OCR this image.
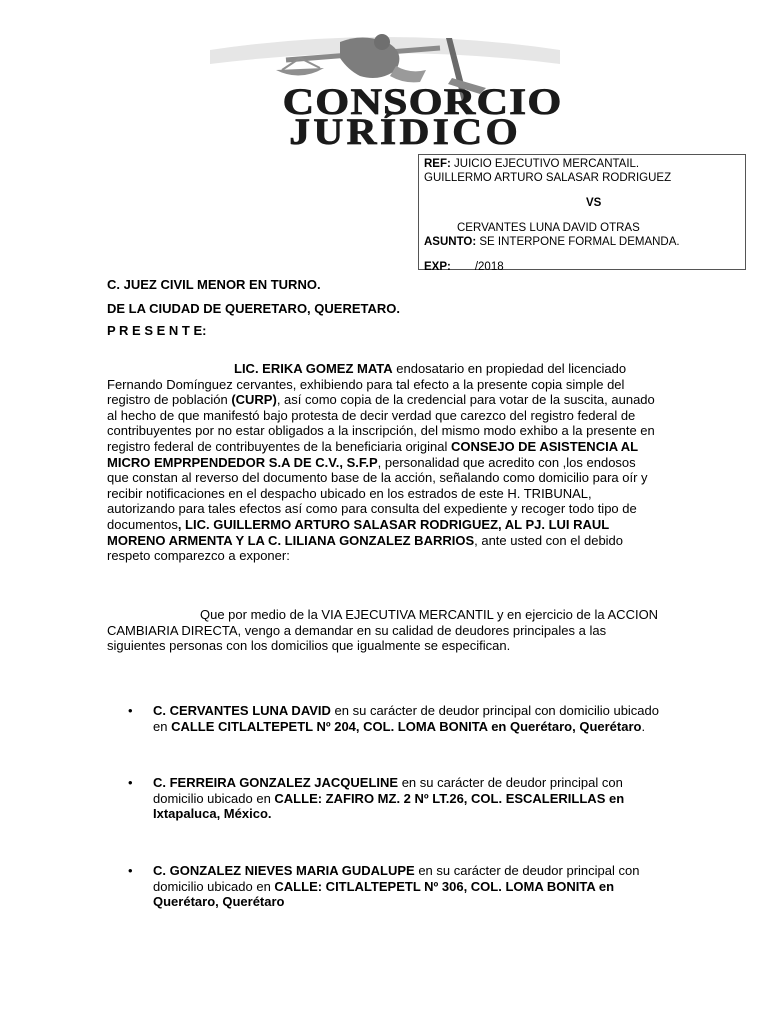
CONSORCIO
JURÍDICO
REF: JUICIO EJECUTIVO MERCANTAIL.
GUILLERMO ARTURO SALASAR RODRIGUEZ
VS
CERVANTES LUNA DAVID OTRAS
ASUNTO: SE INTERPONE FORMAL DEMANDA.
EXP: /2018
C. JUEZ CIVIL MENOR EN TURNO.
DE LA CIUDAD DE QUERETARO, QUERETARO.
P R E S E N T E:
LIC. ERIKA GOMEZ MATA endosatario en propiedad del licenciado Fernando Domínguez cervantes, exhibiendo para tal efecto a la presente copia simple del registro de población (CURP), así como copia de la credencial para votar de la suscita, aunado al hecho de que manifestó bajo protesta de decir verdad que carezco del registro federal de contribuyentes por no estar obligados a la inscripción, del mismo modo exhibo a la presente en registro federal de contribuyentes de la beneficiaria original CONSEJO DE ASISTENCIA AL MICRO EMPRPENDEDOR S.A DE C.V., S.F.P, personalidad que acredito con ,los endosos que constan al reverso del documento base de la acción, señalando como domicilio para oír y recibir notificaciones en el despacho ubicado en los estrados de este H. TRIBUNAL, autorizando para tales efectos así como para consulta del expediente y recoger todo tipo de documentos, LIC. GUILLERMO ARTURO SALASAR RODRIGUEZ, AL PJ. LUI RAUL MORENO ARMENTA Y LA C. LILIANA GONZALEZ BARRIOS, ante usted con el debido respeto comparezco a exponer:
Que por medio de la VIA EJECUTIVA MERCANTIL y en ejercicio de la ACCION CAMBIARIA DIRECTA, vengo a demandar en su calidad de deudores principales a las siguientes personas con los domicilios que igualmente se especifican.
• C. CERVANTES LUNA DAVID en su carácter de deudor principal con domicilio ubicado en CALLE CITLALTEPETL Nº 204, COL. LOMA BONITA en Querétaro, Querétaro.
• C. FERREIRA GONZALEZ JACQUELINE en su carácter de deudor principal con domicilio ubicado en CALLE: ZAFIRO MZ. 2 Nº LT.26, COL. ESCALERILLAS en Ixtapaluca, México.
• C. GONZALEZ NIEVES MARIA GUDALUPE en su carácter de deudor principal con domicilio ubicado en CALLE: CITLALTEPETL Nº 306, COL. LOMA BONITA en Querétaro, Querétaro
